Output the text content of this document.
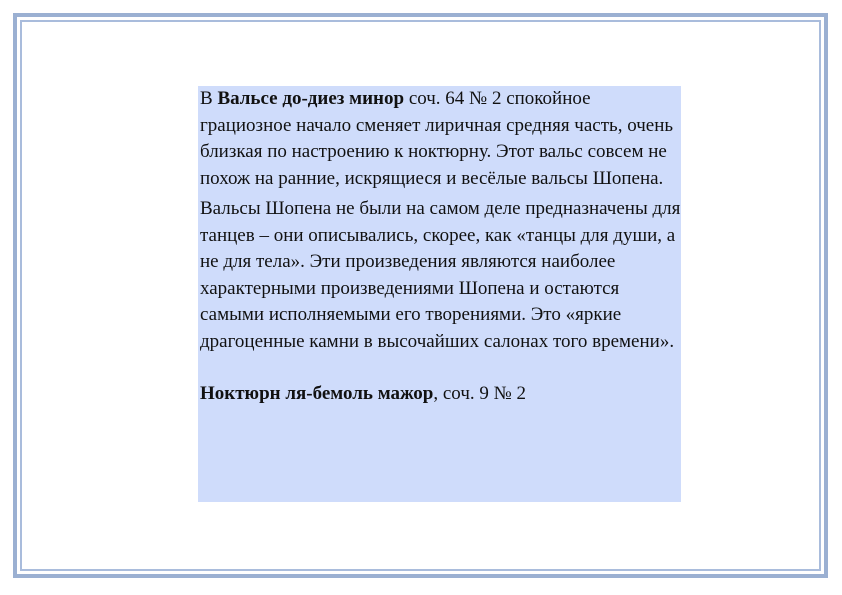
В Вальсе до-диез минор соч. 64 № 2 спокойное грациозное начало сменяет лиричная средняя часть, очень близкая по настроению к ноктюрну. Этот вальс совсем не похож на ранние, искрящиеся и весёлые вальсы Шопена.

Вальсы Шопена не были на самом деле предназначены для танцев – они описывались, скорее, как «танцы для души, а не для тела». Эти произведения являются наиболее характерными произведениями Шопена и остаются самыми исполняемыми его творениями. Это «яркие драгоценные камни в высочайших салонах того времени».

Ноктюрн ля-бемоль мажор, соч. 9 № 2
